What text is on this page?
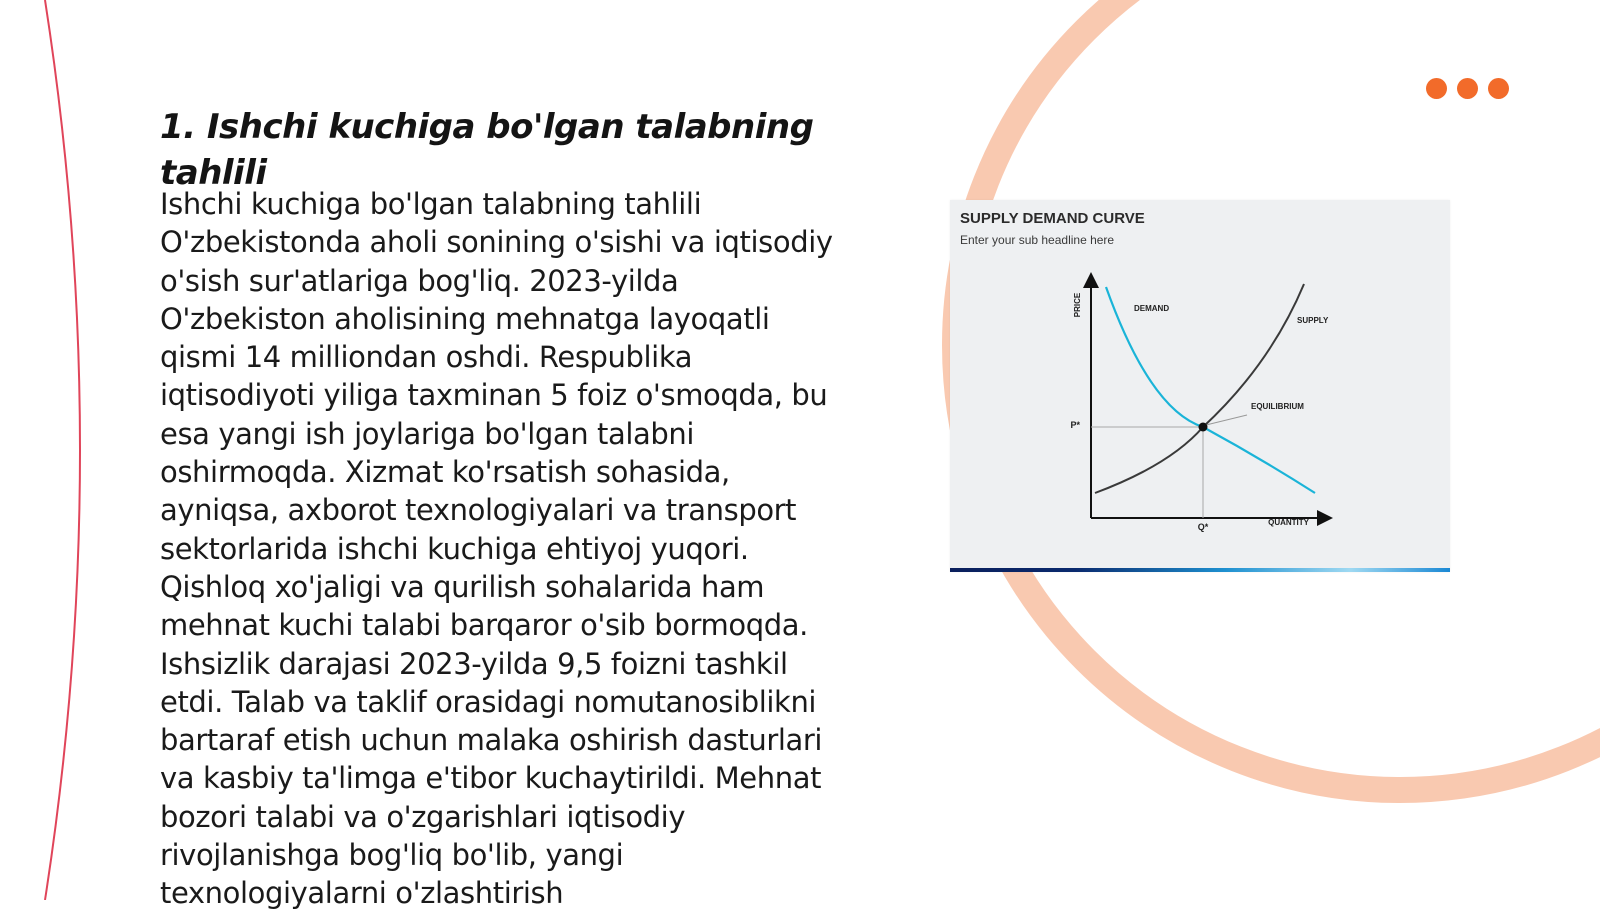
1. Ishchi kuchiga bo'lgan talabning tahlili

Ishchi kuchiga bo'lgan talabning tahlili O'zbekistonda aholi sonining o'sishi va iqtisodiy o'sish sur'atlariga bog'liq. 2023-yilda O'zbekiston aholisining mehnatga layoqatli qismi 14 milliondan oshdi. Respublika iqtisodiyoti yiliga taxminan 5 foiz o'smoqda, bu esa yangi ish joylariga bo'lgan talabni oshirmoqda. Xizmat ko'rsatish sohasida, ayniqsa, axborot texnologiyalari va transport sektorlarida ishchi kuchiga ehtiyoj yuqori. Qishloq xo'jaligi va qurilish sohalarida ham mehnat kuchi talabi barqaror o'sib bormoqda. Ishsizlik darajasi 2023-yilda 9,5 foizni tashkil etdi. Talab va taklif orasidagi nomutanosiblikni bartaraf etish uchun malaka oshirish dasturlari va kasbiy ta'limga e'tibor kuchaytirildi. Mehnat bozori talabi va o'zgarishlari iqtisodiy rivojlanishga bog'liq bo'lib, yangi texnologiyalarni o'zlashtirish

SUPPLY DEMAND CURVE
Enter your sub headline here
PRICE
QUANTITY
DEMAND
SUPPLY
EQUILIBRIUM
P*
Q*
